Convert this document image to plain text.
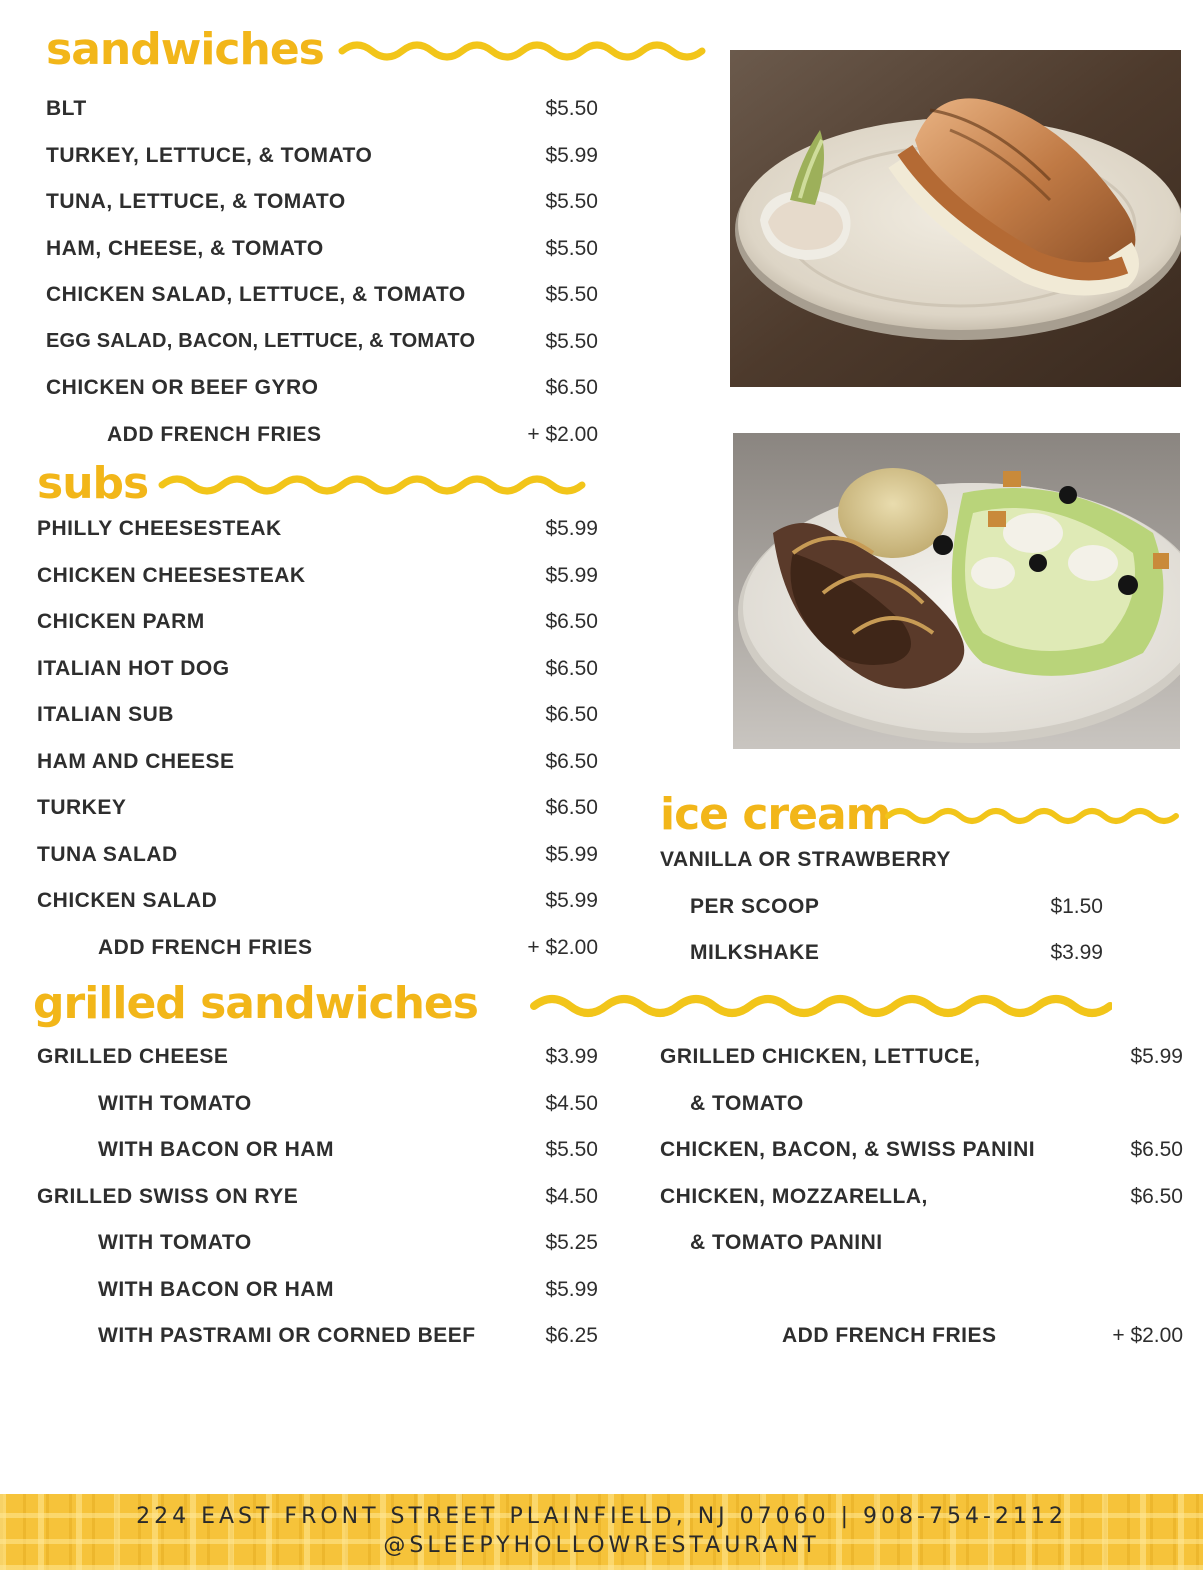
sandwiches
BLT	$5.50
TURKEY, LETTUCE, & TOMATO	$5.99
TUNA, LETTUCE, & TOMATO	$5.50
HAM, CHEESE, & TOMATO	$5.50
CHICKEN SALAD, LETTUCE, & TOMATO	$5.50
EGG SALAD, BACON, LETTUCE, & TOMATO	$5.50
CHICKEN OR BEEF GYRO	$6.50
ADD FRENCH FRIES	+ $2.00
subs
PHILLY CHEESESTEAK	$5.99
CHICKEN CHEESESTEAK	$5.99
CHICKEN PARM	$6.50
ITALIAN HOT DOG	$6.50
ITALIAN SUB	$6.50
HAM AND CHEESE	$6.50
TURKEY	$6.50
TUNA SALAD	$5.99
CHICKEN SALAD	$5.99
ADD FRENCH FRIES	+ $2.00
ice cream
VANILLA OR STRAWBERRY
PER SCOOP	$1.50
MILKSHAKE	$3.99
grilled sandwiches
GRILLED CHEESE	$3.99
WITH TOMATO	$4.50
WITH BACON OR HAM	$5.50
GRILLED SWISS ON RYE	$4.50
WITH TOMATO	$5.25
WITH BACON OR HAM	$5.99
WITH PASTRAMI OR CORNED BEEF	$6.25
GRILLED CHICKEN, LETTUCE,	$5.99
& TOMATO
CHICKEN, BACON, & SWISS PANINI	$6.50
CHICKEN, MOZZARELLA,	$6.50
& TOMATO PANINI
ADD FRENCH FRIES	+ $2.00
224 EAST FRONT STREET PLAINFIELD, NJ 07060 | 908-754-2112
@SLEEPYHOLLOWRESTAURANT
